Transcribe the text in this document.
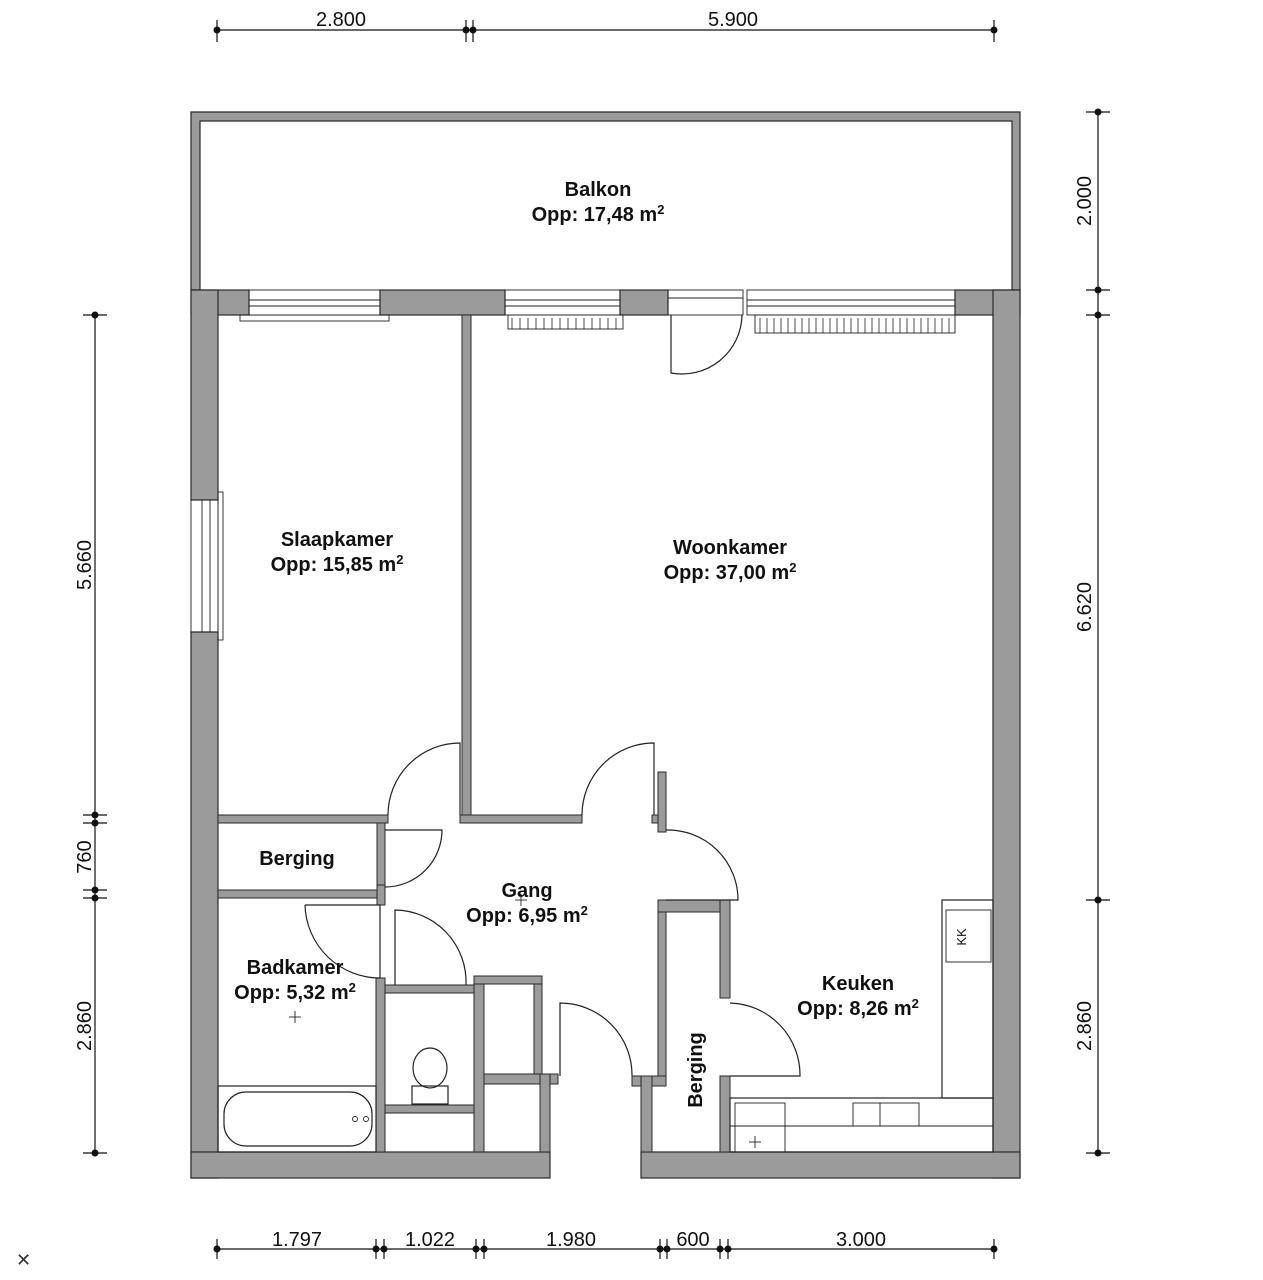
Balkon
Opp: 17,48 $m^2$
Slaapkamer
Opp: 15,85 $m^2$
Woonkamer
Opp: 37,00 $m^2$
Berging
Gang
Opp: 6,95 $m^2$
Badkamer
Opp: 5,32 $m^2$	Keuken
Opp: 8,26 $m^2$
Berging
KK
2.800	5.900
1.797	1.022	1.980	600	3.000
5.660
760
2.860
2.000
6.620
2.860
✕
